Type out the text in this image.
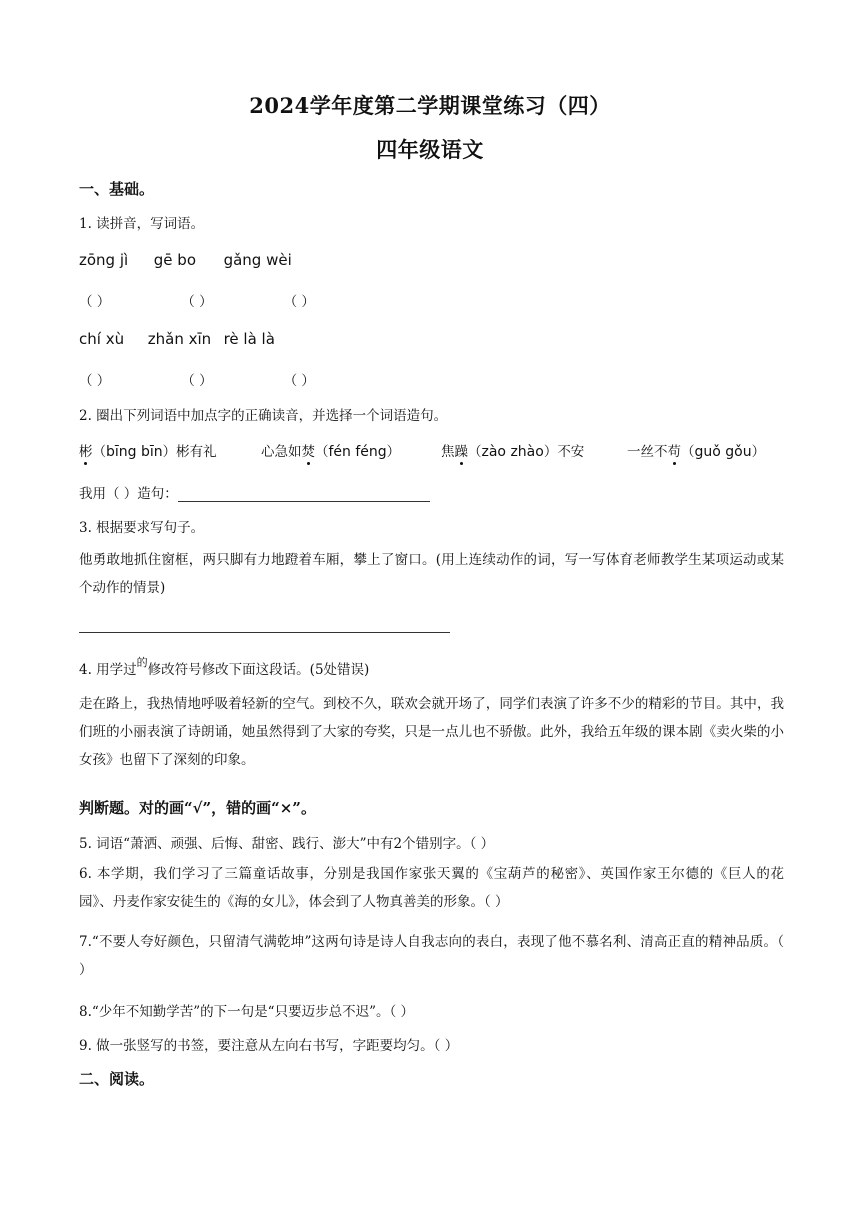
2024学年度第二学期课堂练习（四）
四年级语文
一、基础。
1. 读拼音，写词语。
zōng jì gē bo gǎng wèi
（ ）	（ ）	（ ）
chí xù zhǎn xīn rè là là
（ ）	（ ）	（ ）
2. 圈出下列词语中加点字的正确读音，并选择一个词语造句。
彬（bīng bīn）彬有礼	心急如焚（fén féng）	焦躁（zào zhào）不安	一丝不苟（guǒ gǒu）
我用（ ）造句：
3. 根据要求写句子。
他勇敢地抓住窗框，两只脚有力地蹬着车厢，攀上了窗口。(用上连续动作的词，写一写体育老师教学生某项运动或某个动作的情景)
4. 用学过$^的$修改符号修改下面这段话。(5处错误)
走在路上，我热情地呼吸着轻新的空气。到校不久，联欢会就开场了，同学们表演了许多不少的精彩的节目。其中，我们班的小丽表演了诗朗诵，她虽然得到了大家的夸奖，只是一点儿也不骄傲。此外，我给五年级的课本剧《卖火柴的小女孩》也留下了深刻的印象。
判断题。对的画“√”，错的画“×”。
5. 词语“萧洒、顽强、后悔、甜密、践行、澎大”中有2个错别字。（ ）
6. 本学期，我们学习了三篇童话故事，分别是我国作家张天翼的《宝葫芦的秘密》、英国作家王尔德的《巨人的花园》、丹麦作家安徒生的《海的女儿》，体会到了人物真善美的形象。（ ）
7.“不要人夸好颜色，只留清气满乾坤”这两句诗是诗人自我志向的表白，表现了他不慕名利、清高正直的精神品质。（ ）
8.“少年不知勤学苦”的下一句是“只要迈步总不迟”。（ ）
9. 做一张竖写的书签，要注意从左向右书写，字距要均匀。（ ）
二、阅读。
